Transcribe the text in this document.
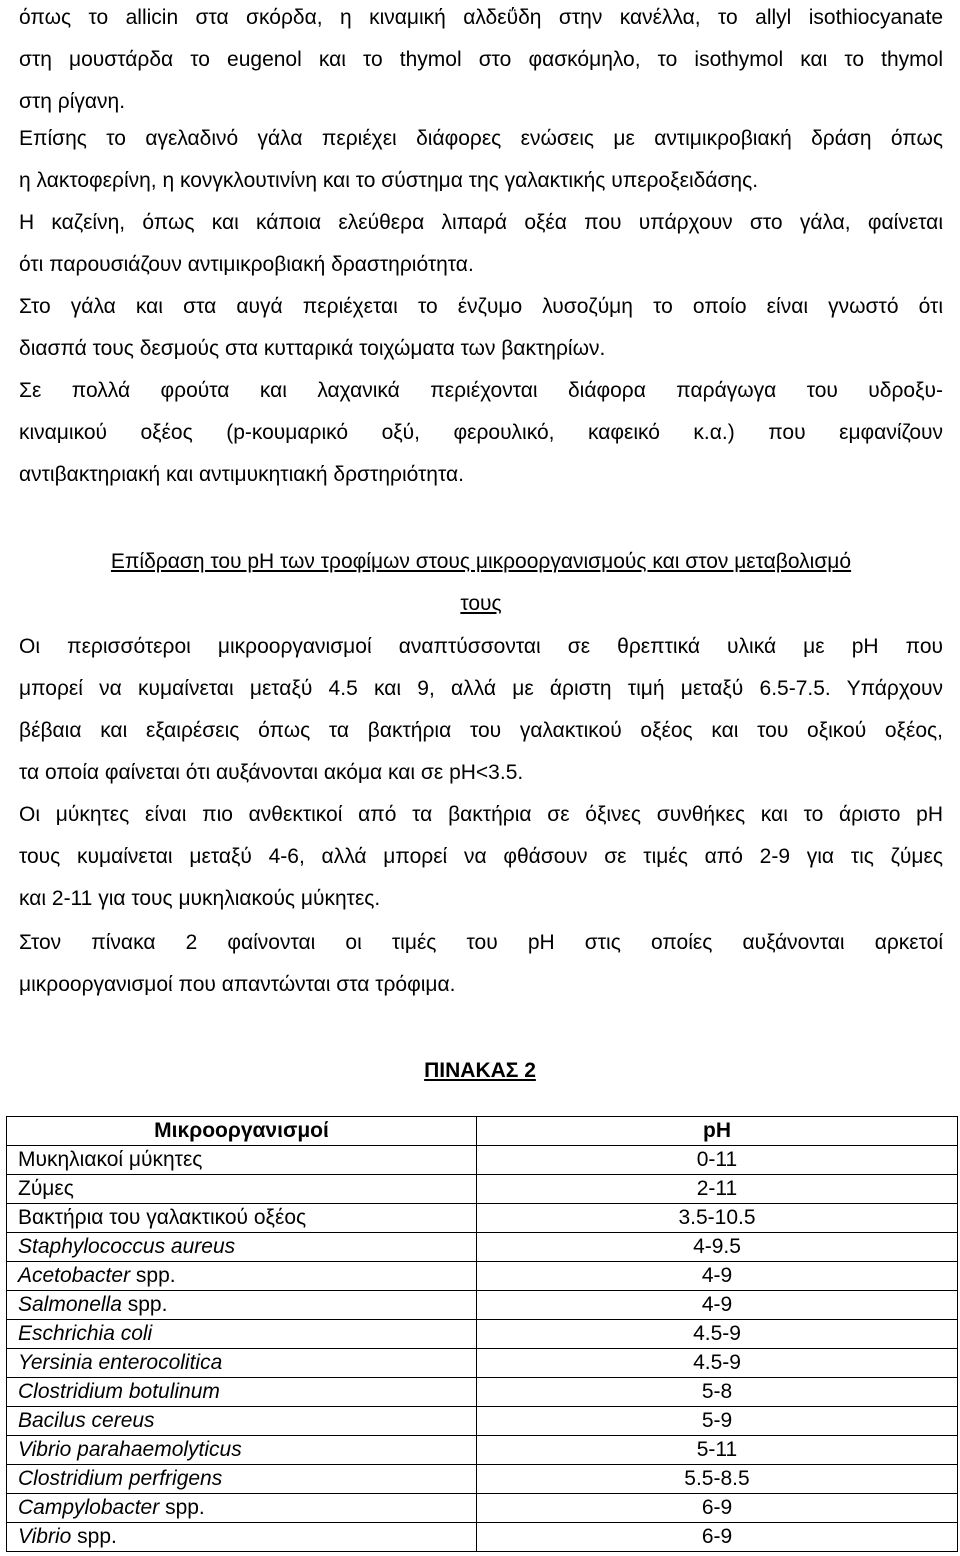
όπως το allicin στα σκόρδα, η κιναμική αλδεΰδη στην κανέλλα, το allyl isothiocyanate
στη μουστάρδα το eugenol και το thymol στο φασκόμηλο, το isothymol και το thymol
στη ρίγανη.
Επίσης το αγελαδινό γάλα περιέχει διάφορες ενώσεις με αντιμικροβιακή δράση όπως
η λακτοφερίνη, η κονγκλουτινίνη και το σύστημα της γαλακτικής υπεροξειδάσης.
Η καζείνη, όπως και κάποια ελεύθερα λιπαρά οξέα που υπάρχουν στο γάλα, φαίνεται
ότι παρουσιάζουν αντιμικροβιακή δραστηριότητα.
Στο γάλα και στα αυγά περιέχεται το ένζυμο λυσοζύμη το οποίο είναι γνωστό ότι
διασπά τους δεσμούς στα κυτταρικά τοιχώματα των βακτηρίων.
Σε πολλά φρούτα και λαχανικά περιέχονται διάφορα παράγωγα του υδροξυ-
κιναμικού οξέος (p-κουμαρικό οξύ, φερουλικό, καφεικό κ.α.) που εμφανίζουν
αντιβακτηριακή και αντιμυκητιακή δρστηριότητα.
Επίδραση του pH των τροφίμων στους μικροοργανισμούς και στον μεταβολισμό
τους
Οι περισσότεροι μικροοργανισμοί αναπτύσσονται σε θρεπτικά υλικά με pH που
μπορεί να κυμαίνεται μεταξύ 4.5 και 9, αλλά με άριστη τιμή μεταξύ 6.5-7.5. Υπάρχουν
βέβαια και εξαιρέσεις όπως τα βακτήρια του γαλακτικού οξέος και του οξικού οξέος,
τα οποία φαίνεται ότι αυξάνονται ακόμα και σε pH<3.5.
Οι μύκητες είναι πιο ανθεκτικοί από τα βακτήρια σε όξινες συνθήκες και το άριστο pH
τους κυμαίνεται μεταξύ 4-6, αλλά μπορεί να φθάσουν σε τιμές από 2-9 για τις ζύμες
και 2-11 για τους μυκηλιακούς μύκητες.
Στον πίνακα 2 φαίνονται οι τιμές του pH στις οποίες αυξάνονται αρκετοί
μικροοργανισμοί που απαντώνται στα τρόφιμα.
ΠΙΝΑΚΑΣ 2
Μικροοργανισμοί	pH
Μυκηλιακοί μύκητες	0-11
Ζύμες	2-11
Βακτήρια του γαλακτικού οξέος	3.5-10.5
Staphylococcus aureus	4-9.5
Acetobacter spp.	4-9
Salmonella spp.	4-9
Eschrichia coli	4.5-9
Yersinia enterocolitica	4.5-9
Clostridium botulinum	5-8
Bacilus cereus	5-9
Vibrio parahaemolyticus	5-11
Clostridium perfrigens	5.5-8.5
Campylobacter spp.	6-9
Vibrio spp.	6-9
